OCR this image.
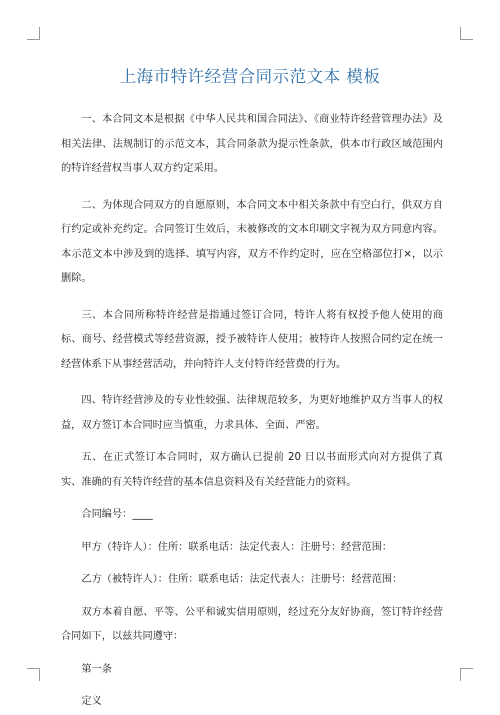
上海市特许经营合同示范文本 模板

一、本合同文本是根据《中华人民共和国合同法》、《商业特许经营管理办法》及相关法律、法规制订的示范文本，其合同条款为提示性条款，供本市行政区域范围内的特许经营权当事人双方约定采用。

二、为体现合同双方的自愿原则，本合同文本中相关条款中有空白行，供双方自行约定或补充约定。合同签订生效后，未被修改的文本印刷文字视为双方同意内容。本示范文本中涉及到的选择、填写内容，双方不作约定时，应在空格部位打×，以示删除。

三、本合同所称特许经营是指通过签订合同，特许人将有权授予他人使用的商标、商号、经营模式等经营资源，授予被特许人使用；被特许人按照合同约定在统一经营体系下从事经营活动，并向特许人支付特许经营费的行为。

四、特许经营涉及的专业性较强、法律规范较多，为更好地维护双方当事人的权益，双方签订本合同时应当慎重，力求具体、全面、严密。

五、在正式签订本合同时，双方确认已提前 20 日以书面形式向对方提供了真实、准确的有关特许经营的基本信息资料及有关经营能力的资料。

合同编号：____

甲方（特许人）：住所：联系电话：法定代表人：注册号：经营范围：

乙方（被特许人）：住所：联系电话：法定代表人：注册号：经营范围：

双方本着自愿、平等、公平和诚实信用原则，经过充分友好协商，签订特许经营合同如下，以兹共同遵守：

第一条

定义
